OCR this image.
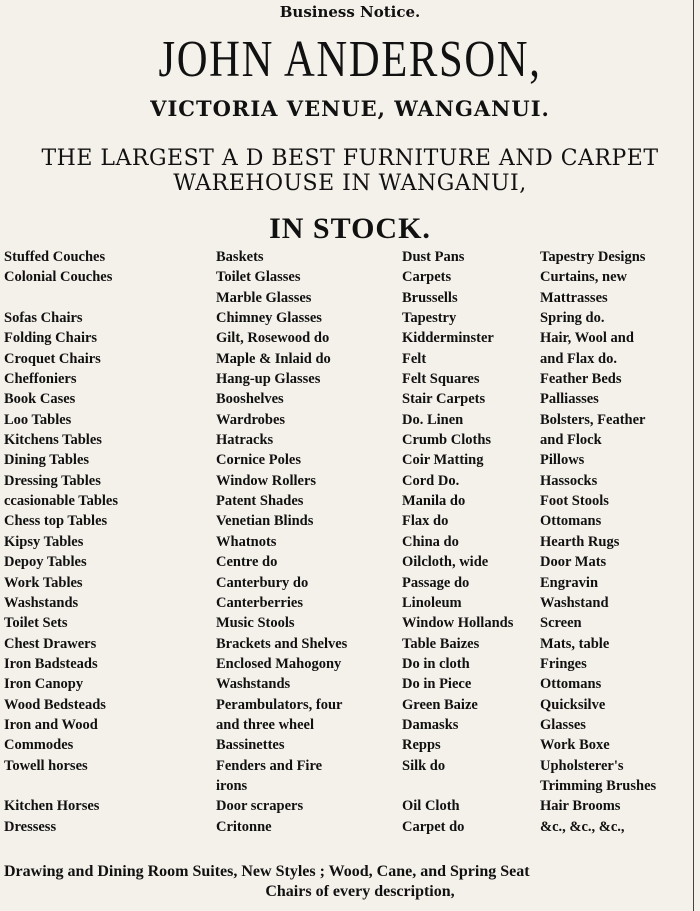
Business Notice.
JOHN ANDERSON,
VICTORIA VENUE, WANGANUI.
THE LARGEST A D BEST FURNITURE AND CARPET
WAREHOUSE IN WANGANUI,
IN STOCK.
Stuffed Couches
Colonial Couches
Sofas Chairs
Folding Chairs
Croquet Chairs
Cheffoniers
Book Cases
Loo Tables
Kitchens Tables
Dining Tables
Dressing Tables
ccasionable Tables
Chess top Tables
Kipsy Tables
Depoy Tables
Work Tables
Washstands
Toilet Sets
Chest Drawers
Iron Badsteads
Iron Canopy
Wood Bedsteads
Iron and Wood
Commodes
Towell horses
Kitchen Horses
Dressess
Baskets
Toilet Glasses
Marble Glasses
Chimney Glasses
Gilt, Rosewood do
Maple & Inlaid do
Hang-up Glasses
Booshelves
Wardrobes
Hatracks
Cornice Poles
Window Rollers
Patent Shades
Venetian Blinds
Whatnots
Centre do
Canterbury do
Canterberries
Music Stools
Brackets and Shelves
Enclosed Mahogony
Washstands
Perambulators, four
and three wheel
Bassinettes
Fenders and Fire
irons
Door scrapers
Critonne
Dust Pans
Carpets
Brussells
Tapestry
Kidderminster
Felt
Felt Squares
Stair Carpets
Do. Linen
Crumb Cloths
Coir Matting
Cord Do.
Manila do
Flax do
China do
Oilcloth, wide
Passage do
Linoleum
Window Hollands
Table Baizes
Do in cloth
Do in Piece
Green Baize
Damasks
Repps
Silk do
Oil Cloth
Carpet do
Tapestry Designs
Curtains, new
Mattrasses
Spring do.
Hair, Wool and
and Flax do.
Feather Beds
Palliasses
Bolsters, Feather
and Flock
Pillows
Hassocks
Foot Stools
Ottomans
Hearth Rugs
Door Mats
Engravin
Washstand
Screen
Mats, table
Fringes
Ottomans
Quicksilve
Glasses
Work Boxe
Upholsterer's
Trimming Brushes
Hair Brooms
&c., &c., &c.,
Drawing and Dining Room Suites, New Styles ; Wood, Cane, and Spring Seat
Chairs of every description,
